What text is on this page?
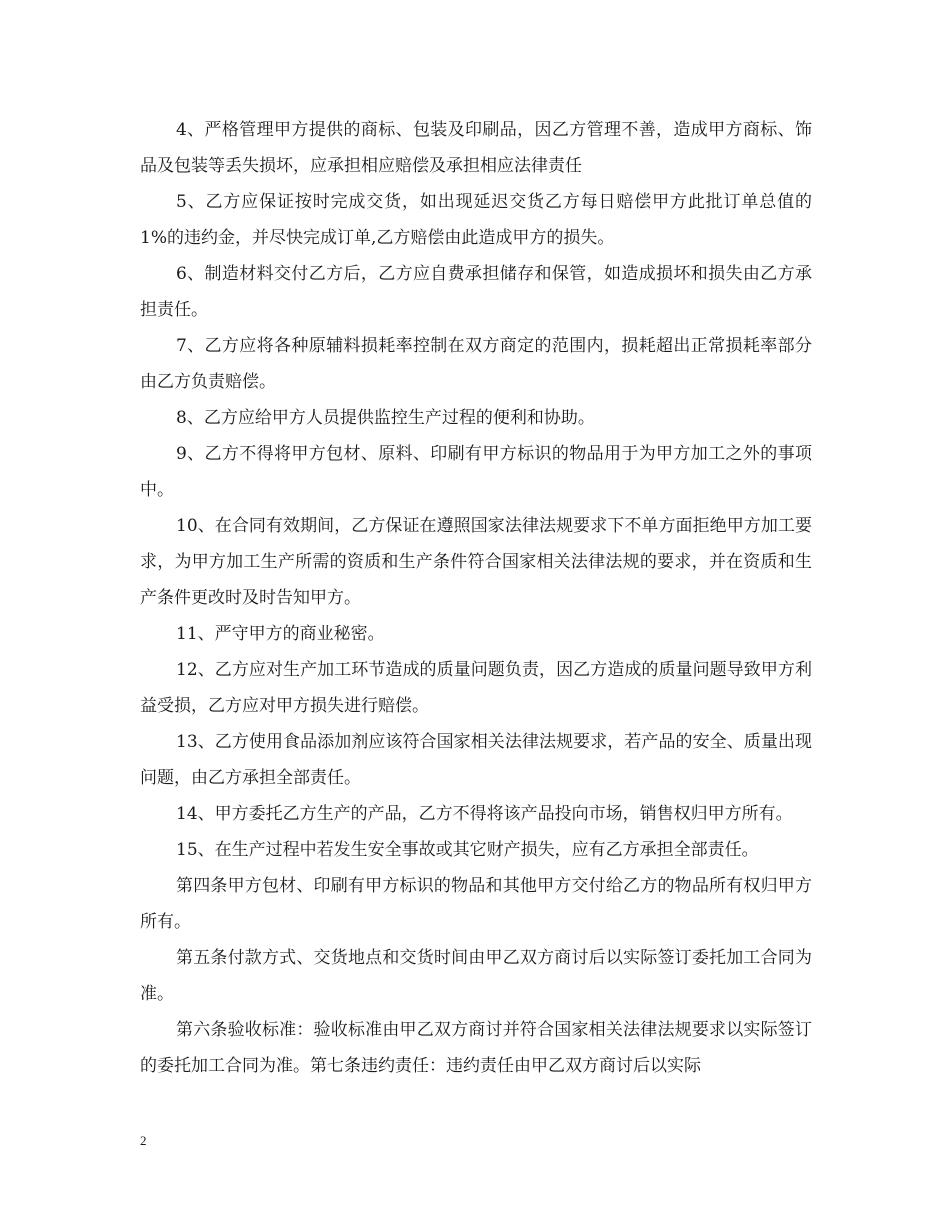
4、严格管理甲方提供的商标、包装及印刷品，因乙方管理不善，造成甲方商标、饰品及包装等丢失损坏，应承担相应赔偿及承担相应法律责任

5、乙方应保证按时完成交货，如出现延迟交货乙方每日赔偿甲方此批订单总值的 1%的违约金，并尽快完成订单,乙方赔偿由此造成甲方的损失。

6、制造材料交付乙方后，乙方应自费承担储存和保管，如造成损坏和损失由乙方承担责任。

7、乙方应将各种原辅料损耗率控制在双方商定的范围内，损耗超出正常损耗率部分由乙方负责赔偿。

8、乙方应给甲方人员提供监控生产过程的便利和协助。

9、乙方不得将甲方包材、原料、印刷有甲方标识的物品用于为甲方加工之外的事项中。

10、在合同有效期间，乙方保证在遵照国家法律法规要求下不单方面拒绝甲方加工要求，为甲方加工生产所需的资质和生产条件符合国家相关法律法规的要求，并在资质和生产条件更改时及时告知甲方。

11、严守甲方的商业秘密。

12、乙方应对生产加工环节造成的质量问题负责，因乙方造成的质量问题导致甲方利益受损，乙方应对甲方损失进行赔偿。

13、乙方使用食品添加剂应该符合国家相关法律法规要求，若产品的安全、质量出现问题，由乙方承担全部责任。

14、甲方委托乙方生产的产品，乙方不得将该产品投向市场，销售权归甲方所有。

15、在生产过程中若发生安全事故或其它财产损失，应有乙方承担全部责任。

第四条甲方包材、印刷有甲方标识的物品和其他甲方交付给乙方的物品所有权归甲方所有。

第五条付款方式、交货地点和交货时间由甲乙双方商讨后以实际签订委托加工合同为准。

第六条验收标准：验收标准由甲乙双方商讨并符合国家相关法律法规要求以实际签订的委托加工合同为准。第七条违约责任：违约责任由甲乙双方商讨后以实际

2
